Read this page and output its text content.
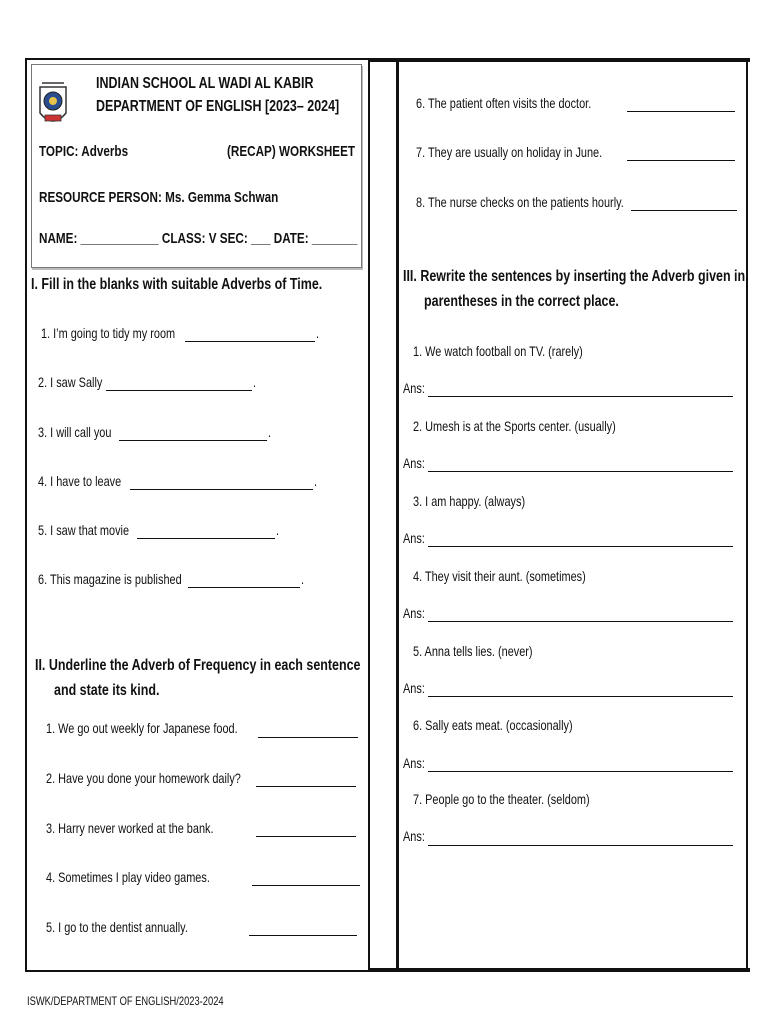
INDIAN SCHOOL AL WADI AL KABIR
DEPARTMENT OF ENGLISH [2023– 2024]
TOPIC: Adverbs	(RECAP) WORKSHEET
RESOURCE PERSON: Ms. Gemma Schwan
NAME: ____________ CLASS: V SEC: ___ DATE: _______
I. Fill in the blanks with suitable Adverbs of Time.
1. I’m going to tidy my room	.
2. I saw Sally	.
3. I will call you	.
4. I have to leave	.
5. I saw that movie	.
6. This magazine is published	.
II. Underline the Adverb of Frequency in each sentence
and state its kind.
1. We go out weekly for Japanese food.
2. Have you done your homework daily?
3. Harry never worked at the bank.
4. Sometimes I play video games.
5. I go to the dentist annually.
6. The patient often visits the doctor.
7. They are usually on holiday in June.
8. The nurse checks on the patients hourly.
III. Rewrite the sentences by inserting the Adverb given in
parentheses in the correct place.
1. We watch football on TV. (rarely)
Ans:
2. Umesh is at the Sports center. (usually)
Ans:
3. I am happy. (always)
Ans:
4. They visit their aunt. (sometimes)
Ans:
5. Anna tells lies. (never)
Ans:
6. Sally eats meat. (occasionally)
Ans:
7. People go to the theater. (seldom)
Ans:
ISWK/DEPARTMENT OF ENGLISH/2023-2024
